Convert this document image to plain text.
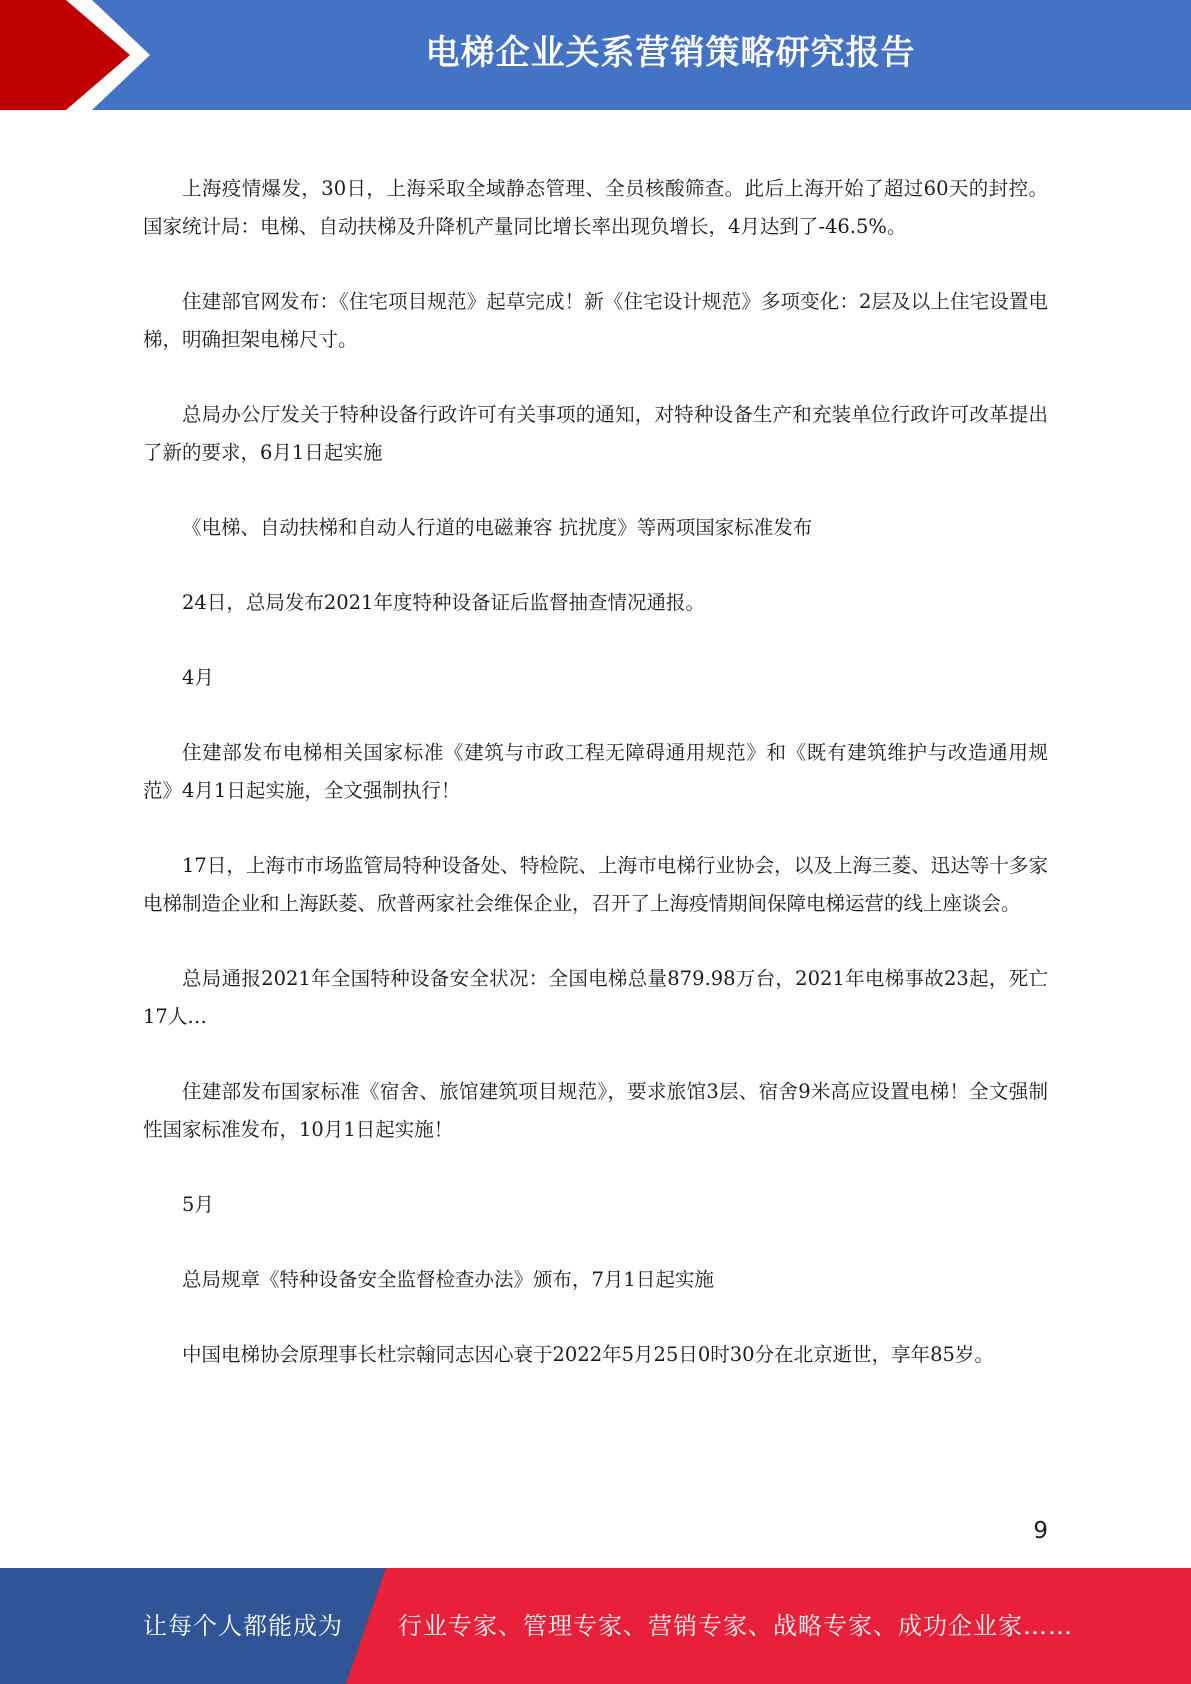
电梯企业关系营销策略研究报告

上海疫情爆发，30日，上海采取全域静态管理、全员核酸筛查。此后上海开始了超过60天的封控。国家统计局：电梯、自动扶梯及升降机产量同比增长率出现负增长，4月达到了-46.5%。

住建部官网发布：《住宅项目规范》起草完成！新《住宅设计规范》多项变化：2层及以上住宅设置电梯，明确担架电梯尺寸。

总局办公厅发关于特种设备行政许可有关事项的通知，对特种设备生产和充装单位行政许可改革提出了新的要求，6月1日起实施

《电梯、自动扶梯和自动人行道的电磁兼容 抗扰度》等两项国家标准发布

24日，总局发布2021年度特种设备证后监督抽查情况通报。

4月

住建部发布电梯相关国家标准《建筑与市政工程无障碍通用规范》和《既有建筑维护与改造通用规范》4月1日起实施，全文强制执行！

17日，上海市市场监管局特种设备处、特检院、上海市电梯行业协会，以及上海三菱、迅达等十多家电梯制造企业和上海跃菱、欣普两家社会维保企业，召开了上海疫情期间保障电梯运营的线上座谈会。

总局通报2021年全国特种设备安全状况：全国电梯总量879.98万台，2021年电梯事故23起，死亡17人…

住建部发布国家标准《宿舍、旅馆建筑项目规范》，要求旅馆3层、宿舍9米高应设置电梯！全文强制性国家标准发布，10月1日起实施！

5月

总局规章《特种设备安全监督检查办法》颁布，7月1日起实施

中国电梯协会原理事长杜宗翰同志因心衰于2022年5月25日0时30分在北京逝世，享年85岁。

9
让每个人都能成为 行业专家、管理专家、营销专家、战略专家、成功企业家……
